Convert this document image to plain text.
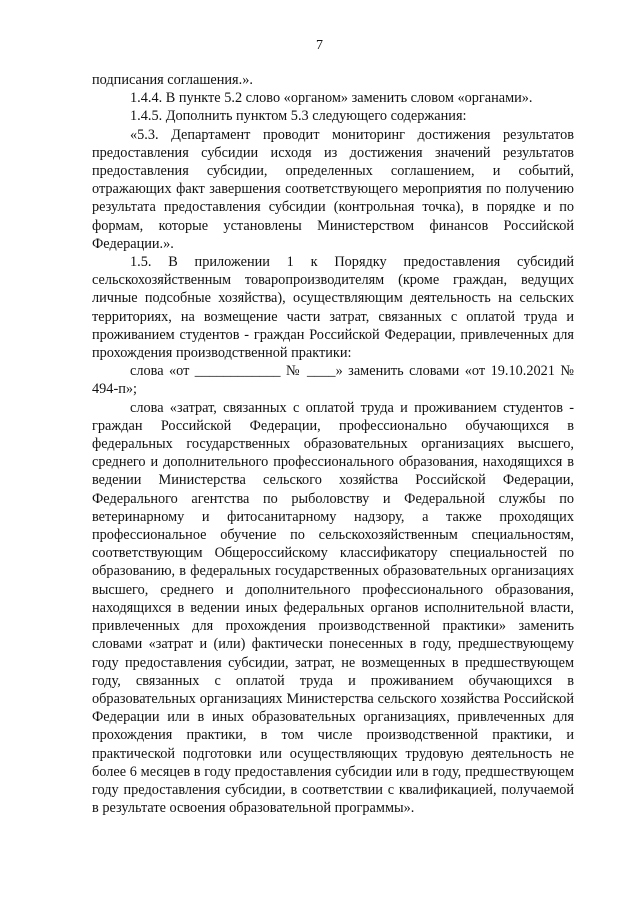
7

подписания соглашения.».

1.4.4. В пункте 5.2 слово «органом» заменить словом «органами».

1.4.5. Дополнить пунктом 5.3 следующего содержания:

«5.3. Департамент проводит мониторинг достижения результатов предоставления субсидии исходя из достижения значений результатов предоставления субсидии, определенных соглашением, и событий, отражающих факт завершения соответствующего мероприятия по получению результата предоставления субсидии (контрольная точка), в порядке и по формам, которые установлены Министерством финансов Российской Федерации.».

1.5. В приложении 1 к Порядку предоставления субсидий сельскохозяйственным товаропроизводителям (кроме граждан, ведущих личные подсобные хозяйства), осуществляющим деятельность на сельских территориях, на возмещение части затрат, связанных с оплатой труда и проживанием студентов - граждан Российской Федерации, привлеченных для прохождения производственной практики:

слова «от ____________ № ____» заменить словами «от 19.10.2021 № 494-п»;

слова «затрат, связанных с оплатой труда и проживанием студентов - граждан Российской Федерации, профессионально обучающихся в федеральных государственных образовательных организациях высшего, среднего и дополнительного профессионального образования, находящихся в ведении Министерства сельского хозяйства Российской Федерации, Федерального агентства по рыболовству и Федеральной службы по ветеринарному и фитосанитарному надзору, а также проходящих профессиональное обучение по сельскохозяйственным специальностям, соответствующим Общероссийскому классификатору специальностей по образованию, в федеральных государственных образовательных организациях высшего, среднего и дополнительного профессионального образования, находящихся в ведении иных федеральных органов исполнительной власти, привлеченных для прохождения производственной практики» заменить словами «затрат и (или) фактически понесенных в году, предшествующему году предоставления субсидии, затрат, не возмещенных в предшествующем году, связанных с оплатой труда и проживанием обучающихся в образовательных организациях Министерства сельского хозяйства Российской Федерации или в иных образовательных организациях, привлеченных для прохождения практики, в том числе производственной практики, и практической подготовки или осуществляющих трудовую деятельность не более 6 месяцев в году предоставления субсидии или в году, предшествующем году предоставления субсидии, в соответствии с квалификацией, получаемой в результате освоения образовательной программы».
